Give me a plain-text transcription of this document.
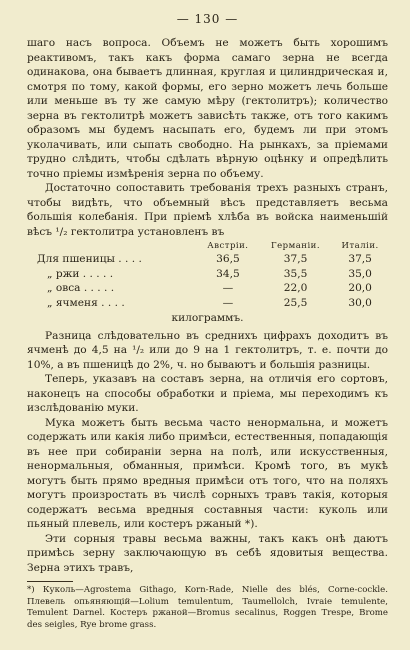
— 130 —

шаго насъ вопроса. Объемъ не можетъ быть хорошимъ реактивомъ, такъ какъ форма самаго зерна не всегда одинакова, она бываетъ длинная, круглая и цилиндрическая и, смотря по тому, какой формы, его зерно можетъ лечь больше или меньше въ ту же самую мѣру (гектолитръ); количество зерна въ гектолитрѣ можетъ зависѣть также, отъ того какимъ образомъ мы будемъ насыпать его, будемъ ли при этомъ уколачивать, или сыпать свободно. На рынкахъ, за пріемами трудно слѣдить, чтобы сдѣлать вѣрную оцѣнку и опредѣлить точно пріемы измѣренія зерна по объему.

Достаточно сопоставить требованія трехъ разныхъ странъ, чтобы видѣть, что объемный вѣсъ представляетъ весьма большія колебанія. При пріемѣ хлѣба въ войска наименьшій вѣсъ ¹/₂ гектолитра установленъ въ

	Австріи.	Германіи.	Италіи.
Для пшеницы . . . .	36,5	37,5	37,5
„ ржи . . . . .	34,5	35,5	35,0
„ овса . . . . .	—	22,0	20,0
„ ячменя . . . .	—	25,5	30,0
килограммъ.

Разница слѣдовательно въ среднихъ цифрахъ доходитъ въ ячменѣ до 4,5 на ¹/₂ или до 9 на 1 гектолитръ, т. е. почти до 10%, а въ пшеницѣ до 2%, ч. но бываютъ и большія разницы.

Теперь, указавъ на составъ зерна, на отличія его сортовъ, наконецъ на способы обработки и пріема, мы переходимъ къ изслѣдованію муки.

Мука можетъ быть весьма часто ненормальна, и можетъ содержать или какія либо примѣси, естественныя, попадающія въ нее при собираніи зерна на полѣ, или искусственныя, ненормальныя, обманныя, примѣси. Кромѣ того, въ мукѣ могутъ быть прямо вредныя примѣси отъ того, что на поляхъ могутъ произростать въ числѣ сорныхъ травъ такія, которыя содержатъ весьма вредныя составныя части: куколь или пьяный плевель, или костеръ ржаный *).

Эти сорныя травы весьма важны, такъ какъ онѣ даютъ примѣсь зерну заключающую въ себѣ ядовитыя вещества. Зерна этихъ травъ,

*) Куколь—Agrostema Githago, Korn-Rade, Nielle des blés, Corne-cockle. Плевель опьяняющій—Lolium temulentum, Taumellolch, Ivraie temulente, Temulent Darnel. Костеръ ржаной—Bromus secalinus, Roggen Trespe, Brome des seigles, Rye brome grass.
